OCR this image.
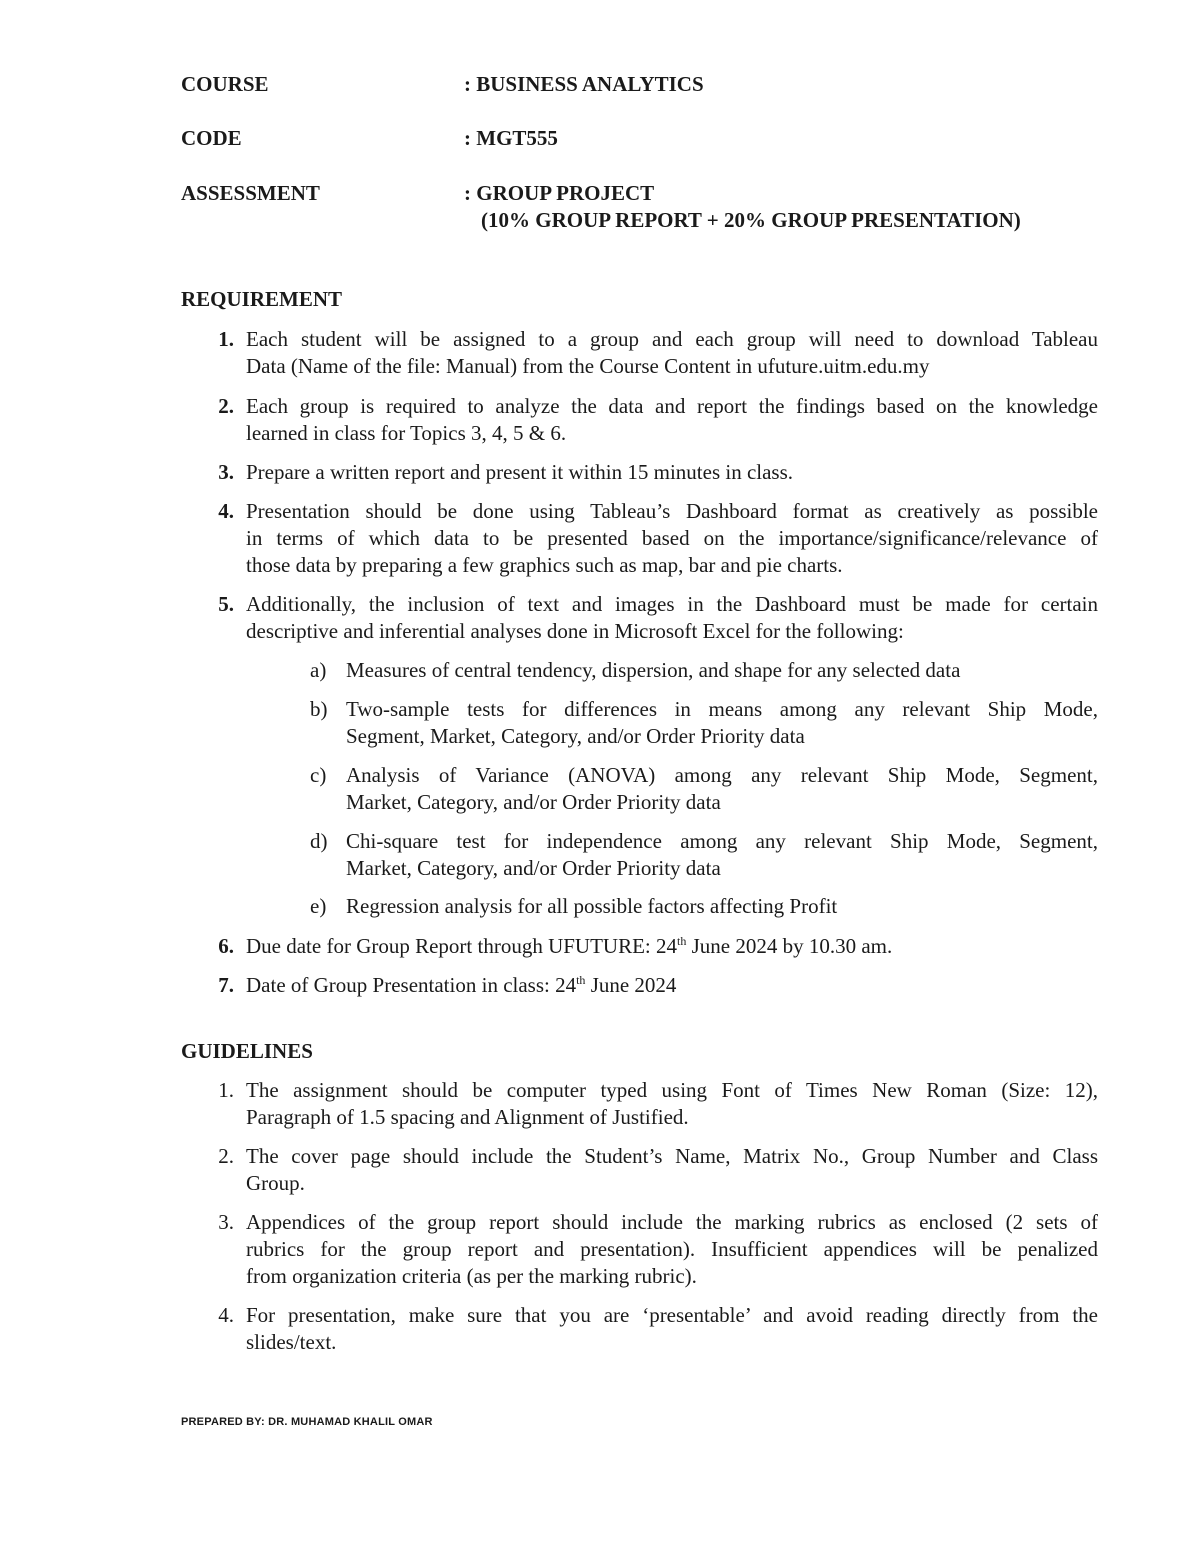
COURSE	: BUSINESS ANALYTICS
CODE	: MGT555
ASSESSMENT	: GROUP PROJECT
(10% GROUP REPORT + 20% GROUP PRESENTATION)
REQUIREMENT
1. Each student will be assigned to a group and each group will need to download Tableau
Data (Name of the file: Manual) from the Course Content in ufuture.uitm.edu.my
2. Each group is required to analyze the data and report the findings based on the knowledge
learned in class for Topics 3, 4, 5 & 6.
3. Prepare a written report and present it within 15 minutes in class.
4. Presentation should be done using Tableau’s Dashboard format as creatively as possible
in terms of which data to be presented based on the importance/significance/relevance of
those data by preparing a few graphics such as map, bar and pie charts.
5. Additionally, the inclusion of text and images in the Dashboard must be made for certain
descriptive and inferential analyses done in Microsoft Excel for the following:
a) Measures of central tendency, dispersion, and shape for any selected data
b) Two-sample tests for differences in means among any relevant Ship Mode,
Segment, Market, Category, and/or Order Priority data
c) Analysis of Variance (ANOVA) among any relevant Ship Mode, Segment,
Market, Category, and/or Order Priority data
d) Chi-square test for independence among any relevant Ship Mode, Segment,
Market, Category, and/or Order Priority data
e) Regression analysis for all possible factors affecting Profit
6. Due date for Group Report through UFUTURE: 24th June 2024 by 10.30 am.
7. Date of Group Presentation in class: 24th June 2024
GUIDELINES
1. The assignment should be computer typed using Font of Times New Roman (Size: 12),
Paragraph of 1.5 spacing and Alignment of Justified.
2. The cover page should include the Student’s Name, Matrix No., Group Number and Class
Group.
3. Appendices of the group report should include the marking rubrics as enclosed (2 sets of
rubrics for the group report and presentation). Insufficient appendices will be penalized
from organization criteria (as per the marking rubric).
4. For presentation, make sure that you are ‘presentable’ and avoid reading directly from the
slides/text.
PREPARED BY: DR. MUHAMAD KHALIL OMAR
